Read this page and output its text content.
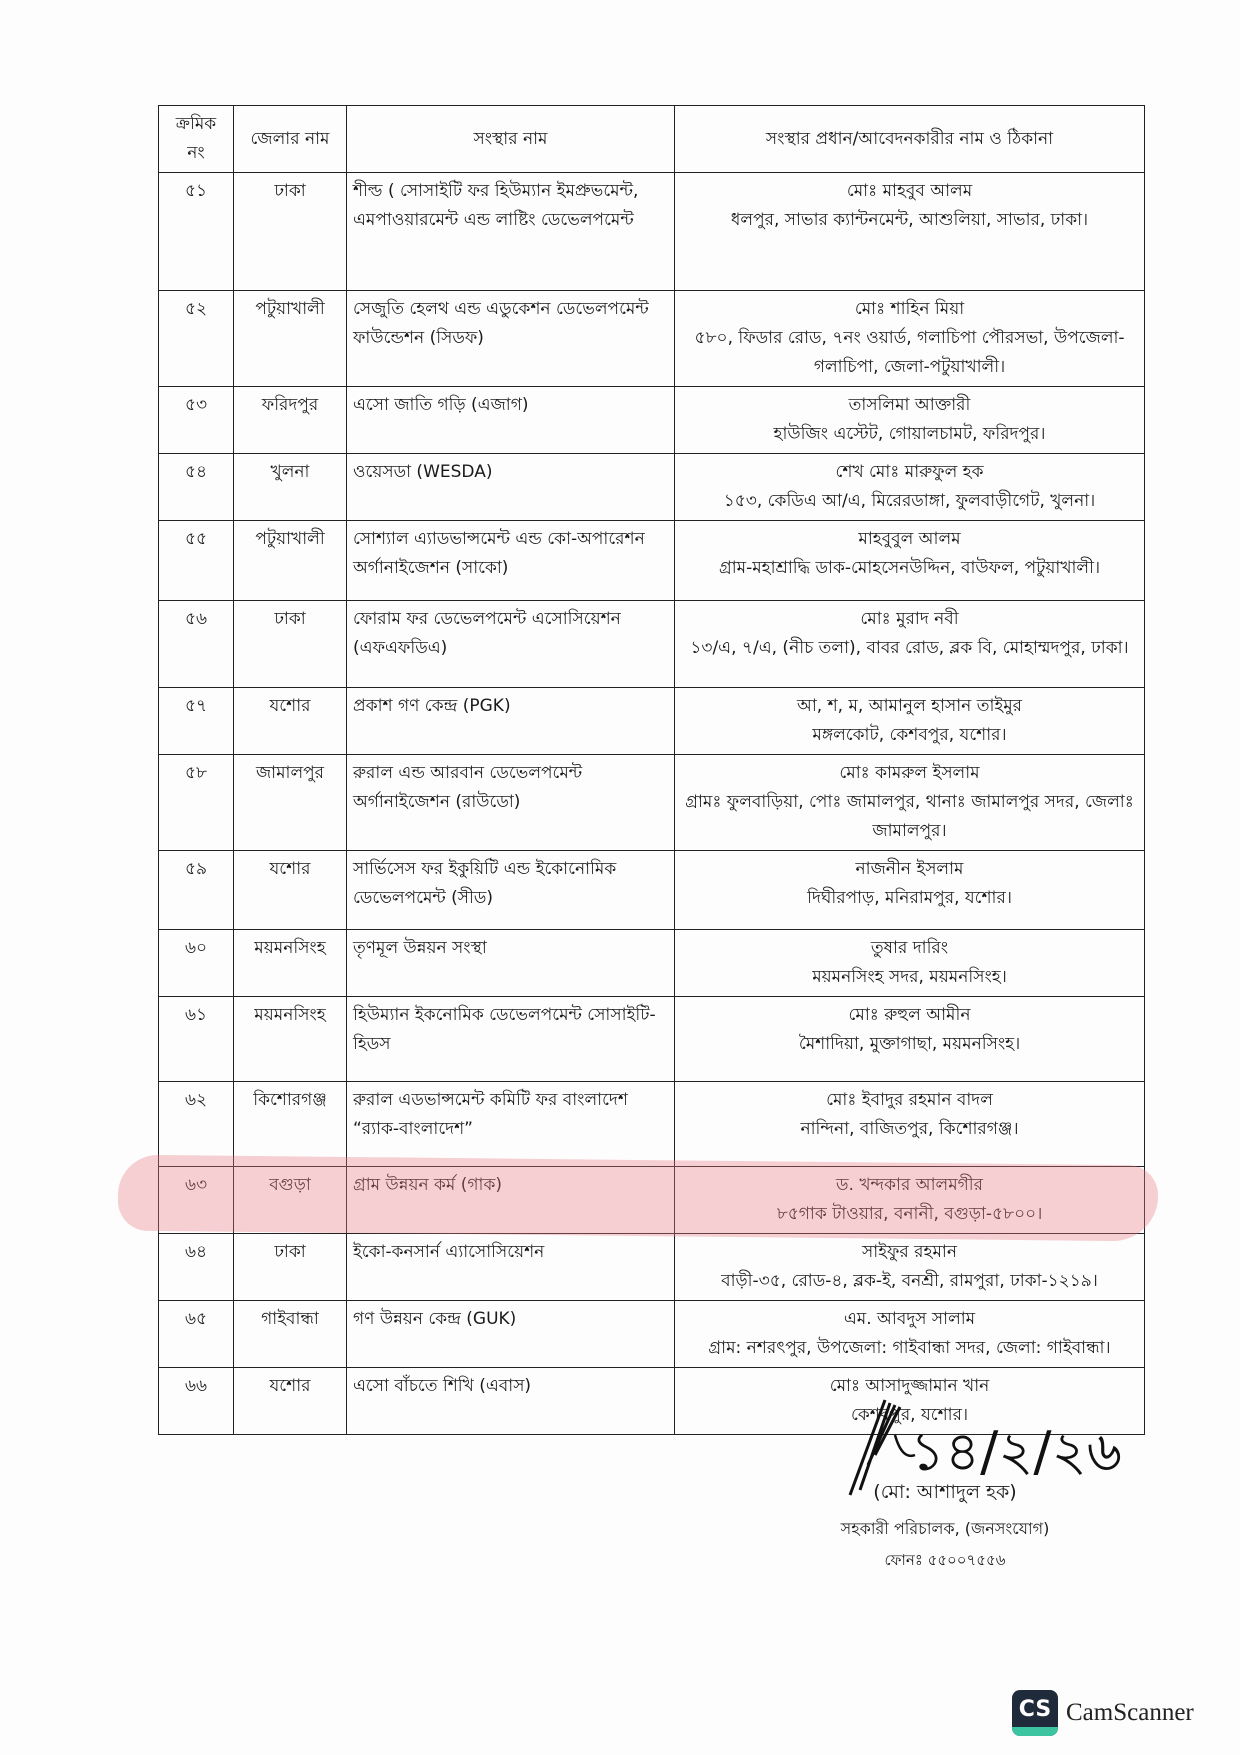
ক্রমিক নং	জেলার নাম	সংস্থার নাম	সংস্থার প্রধান/আবেদনকারীর নাম ও ঠিকানা
৫১	ঢাকা	শীল্ড ( সোসাইটি ফর হিউম্যান ইমপ্রুভমেন্ট, এমপাওয়ারমেন্ট এন্ড লাষ্টিং ডেভেলপমেন্ট	মোঃ মাহবুব আলম
ধলপুর, সাভার ক্যান্টনমেন্ট, আশুলিয়া, সাভার, ঢাকা।

৫২	পটুয়াখালী	সেজুতি হেলথ এন্ড এডুকেশন ডেভেলপমেন্ট ফাউন্ডেশন (সিডফ)	মোঃ শাহিন মিয়া
৫৮০, ফিডার রোড, ৭নং ওয়ার্ড, গলাচিপা পৌরসভা, উপজেলা-গলাচিপা, জেলা-পটুয়াখালী।

৫৩	ফরিদপুর	এসো জাতি গড়ি (এজাগ)	তাসলিমা আক্তারী
হাউজিং এস্টেট, গোয়ালচামট, ফরিদপুর।

৫৪	খুলনা	ওয়েসডা (WESDA)	শেখ মোঃ মারুফুল হক
১৫৩, কেডিএ আ/এ, মিরেরডাঙ্গা, ফুলবাড়ীগেট, খুলনা।

৫৫	পটুয়াখালী	সোশ্যাল এ্যাডভান্সমেন্ট এন্ড কো-অপারেশন অর্গানাইজেশন (সাকো)	মাহবুবুল আলম
গ্রাম-মহাশ্রাদ্ধি ডাক-মোহসেনউদ্দিন, বাউফল, পটুয়াখালী।

৫৬	ঢাকা	ফোরাম ফর ডেভেলপমেন্ট এসোসিয়েশন (এফএফডিএ)	মোঃ মুরাদ নবী
১৩/এ, ৭/এ, (নীচ তলা), বাবর রোড, ব্লক বি, মোহাম্মদপুর, ঢাকা।

৫৭	যশোর	প্রকাশ গণ কেন্দ্র (PGK)	আ, শ, ম, আমানুল হাসান তাইমুর
মঙ্গলকোট, কেশবপুর, যশোর।

৫৮	জামালপুর	রুরাল এন্ড আরবান ডেভেলপমেন্ট অর্গানাইজেশন (রাউডো)	মোঃ কামরুল ইসলাম
গ্রামঃ ফুলবাড়িয়া, পোঃ জামালপুর, থানাঃ জামালপুর সদর, জেলাঃ জামালপুর।

৫৯	যশোর	সার্ভিসেস ফর ইকুয়িটি এন্ড ইকোনোমিক ডেভেলপমেন্ট (সীড)	নাজনীন ইসলাম
দিঘীরপাড়, মনিরামপুর, যশোর।

৬০	ময়মনসিংহ	তৃণমূল উন্নয়ন সংস্থা	তুষার দারিং
ময়মনসিংহ সদর, ময়মনসিংহ।

৬১	ময়মনসিংহ	হিউম্যান ইকনোমিক ডেভেলপমেন্ট সোসাইটি-হিডস	মোঃ রুহুল আমীন
মৈশাদিয়া, মুক্তাগাছা, ময়মনসিংহ।

৬২	কিশোরগঞ্জ	রুরাল এডভান্সমেন্ট কমিটি ফর বাংলাদেশ “র‍্যাক-বাংলাদেশ”	মোঃ ইবাদুর রহমান বাদল
নান্দিনা, বাজিতপুর, কিশোরগঞ্জ।

৬৩	বগুড়া	গ্রাম উন্নয়ন কর্ম (গাক)	ড. খন্দকার আলমগীর
৮৫গাক টাওয়ার, বনানী, বগুড়া-৫৮০০।

৬৪	ঢাকা	ইকো-কনসার্ন এ্যাসোসিয়েশন	সাইফুর রহমান
বাড়ী-৩৫, রোড-৪, ব্লক-ই, বনশ্রী, রামপুরা, ঢাকা-১২১৯।

৬৫	গাইবান্ধা	গণ উন্নয়ন কেন্দ্র (GUK)	এম. আবদুস সালাম
গ্রাম: নশরৎপুর, উপজেলা: গাইবান্ধা সদর, জেলা: গাইবান্ধা।

৬৬	যশোর	এসো বাঁচতে শিখি (এবাস)	মোঃ আসাদুজ্জামান খান
কেশবপুর, যশোর।
১৪/২/২৬
(মো: আশাদুল হক)
সহকারী পরিচালক, (জনসংযোগ)
ফোনঃ ৫৫০০৭৫৫৬
CS CamScanner
